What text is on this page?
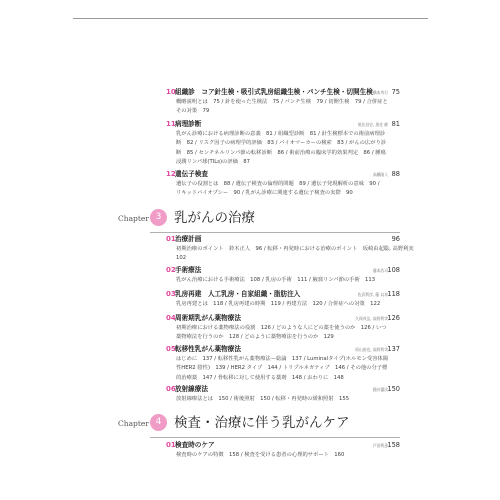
10組織診　コア針生検・吸引式乳房組織生検・パンチ生検・切開生検 橋本秀行 75
概略説明とは　75 / 針を使った生検法　75 / パンチ生検　79 / 切開生検　79 / 合併症と
その対策　79
11病理診断	黒住昌史, 黒住 献 81
乳がん診療における病理診断の意義　81 / 組織型診断　81 / 針生検標本での術前病理診
断　82 / リスク因子の病理学的評価　83 / バイオマーカーの検索　83 / がんの広がり診
断　85 / センチネルリンパ節の転移診断　86 / 術前治療の臨床学的効果判定　86 / 腫瘍
浸潤リンパ球(TILs)の評価　87
12遺伝子検査	高橋隆人 88
遺伝子の役割とは　88 / 遺伝子検査の倫理的問題　89 / 遺伝子発現解析の意味　90 /
リキッドバイオプシー　90 / 乳がん診療に関連する遺伝子検査の実際　90
Chapter 3 乳がんの治療
01治療計画	96
初期治療のポイント　鈴木正人　96 / 転移・再発時における治療のポイント　坂崎由起聡, 高野利実
102
02手術療法	藤本浩司 108
乳がん治療における手術療法　108 / 乳房の手術　111 / 腋窩リンパ節の手術　113
03乳房再建　人工乳房・自家組織・脂肪注入	佐武利彦, 藤 以寿 118
乳房再建とは　118 / 乳房再建の時期　119 / 再建方法　120 / 合併症への対策　122
04周術期乳がん薬物療法	久保茂弘, 高野利実 126
初期治療における薬物療法の役割　126 / どのような人にどの薬を使うのか　126 / いつ
薬物療法を行うのか　128 / どのように薬物療法を行うのか　129
05転移性乳がん薬物療法	原山裕也, 高野利実 137
はじめに　137 / 転移性乳がん薬物療法ー総論　137 / Luminalタイプ(ホルモン受容体陽
性HER2 陰性)　139 / HER2 タイプ　144 / トリプルネガティブ　146 / その他の分子標
的治療薬　147 / 骨転移に対して使用する薬剤　148 / おわりに　148
06放射線療法	随川優次 150
放射線療法とは　150 / 術後照射　150 / 転移・再発時の緩和照射　155
Chapter 4 検査・治療に伴う乳がんケア
01検査時のケア	戸田利恵 158
検査時のケアの特徴　158 / 検査を受ける患者の心理的サポート　160
